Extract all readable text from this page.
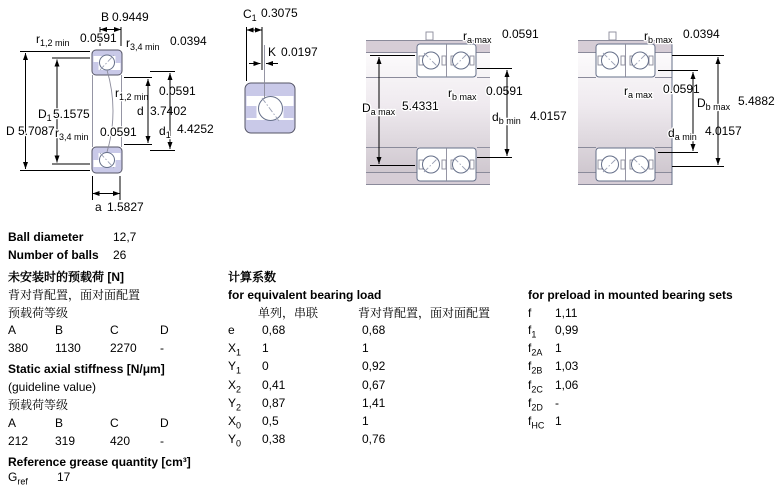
D 5.7087
$D_1$ 5.1575
B 0.9449
$r_{1,2 min}$ 0.0591 $r_{3,4 min}$ 0.0394
$r_{1,2 min}$ 0.0591
$r_{3,4 min}$ 0.0591
d 3.7402
$d_1$ 4.4252
a 1.5827
$C_1$ 0.3075
K 0.0197
$r_{a max}$ 0.0591
$D_{a max}$ 5.4331
$r_{b max}$ 0.0591
$d_{b min}$ 4.0157
$r_{b max}$ 0.0394
$r_{a max}$ 0.0591
$d_{a min}$ 4.0157
$D_{b max}$ 5.4882
Ball diameter 12,7
Number of balls 26
未安装时的预载荷 [N]
背对背配置，面对面配置
预载荷等级
A	B	C	D
380 1130 2270 -
Static axial stiffness [N/μm]
(guideline value)
预载荷等级
A	B	C	D
212 319	420 -
Reference grease quantity [cm³]
$G_{ref}$ 17
计算系数
for equivalent bearing load
单列，串联	背对背配置，面对面配置
e 0,68	0,68
$X_1$ 1	1
$Y_1$ 0	0,92
$X_2$ 0,41	0,67
$Y_2$ 0,87	1,41
$X_0$ 0,5	1
$Y_0$ 0,38	0,76
for preload in mounted bearing sets
f 1,11
$f_1$ 0,99
$f_{2A}$ 1
$f_{2B}$ 1,03
$f_{2C}$ 1,06
$f_{2D}$ -
$f_{HC}$ 1
